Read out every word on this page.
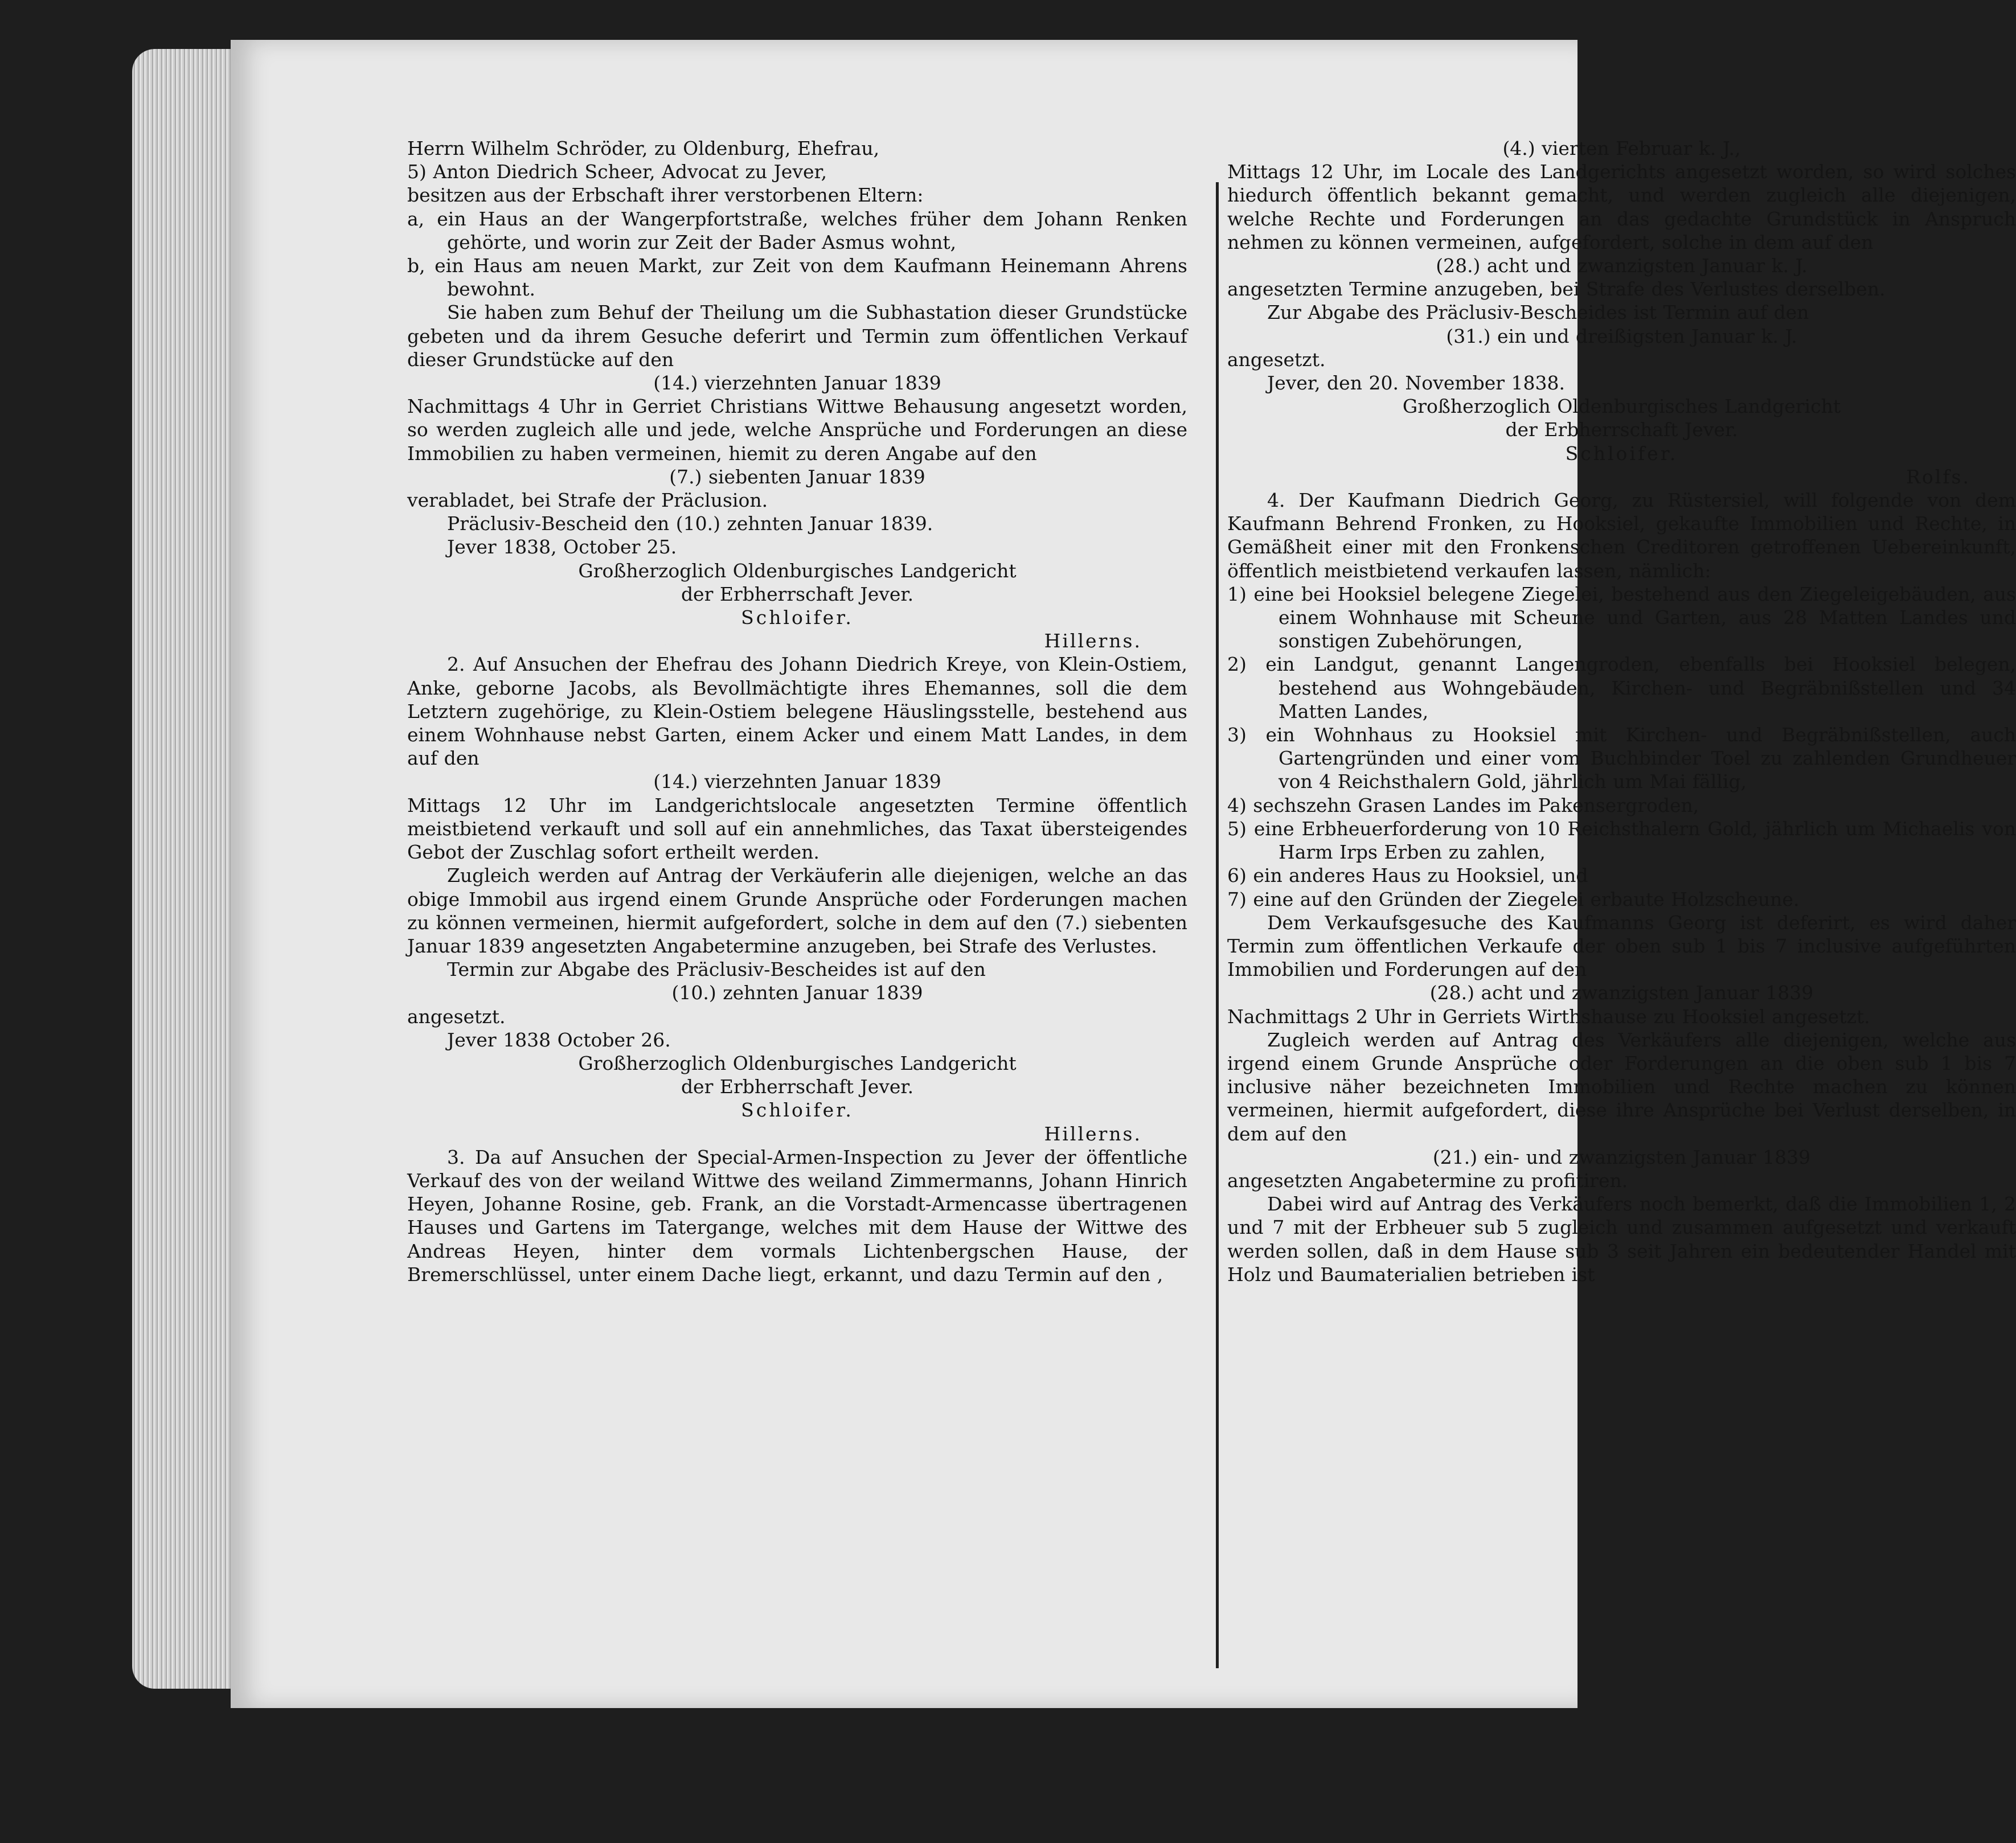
Herrn Wilhelm Schröder, zu Oldenburg, Ehefrau,

5) Anton Diedrich Scheer, Advocat zu Jever,

besitzen aus der Erbschaft ihrer verstorbenen Eltern:

a, ein Haus an der Wangerpfortstraße, welches früher dem Johann Renken gehörte, und worin zur Zeit der Bader Asmus wohnt,

b, ein Haus am neuen Markt, zur Zeit von dem Kaufmann Heinemann Ahrens bewohnt.

Sie haben zum Behuf der Theilung um die Subhastation dieser Grundstücke gebeten und da ihrem Gesuche deferirt und Termin zum öffentlichen Verkauf dieser Grundstücke auf den

(14.) vierzehnten Januar 1839

Nachmittags 4 Uhr in Gerriet Christians Wittwe Behausung angesetzt worden, so werden zugleich alle und jede, welche Ansprüche und Forderungen an diese Immobilien zu haben vermeinen, hiemit zu deren Angabe auf den

(7.) siebenten Januar 1839

verabladet, bei Strafe der Präclusion.

Präclusiv-Bescheid den (10.) zehnten Januar 1839.

Jever 1838, October 25.

Großherzoglich Oldenburgisches Landgericht

der Erbherrschaft Jever.

Schloifer.

Hillerns.

2. Auf Ansuchen der Ehefrau des Johann Diedrich Kreye, von Klein-Ostiem, Anke, geborne Jacobs, als Bevollmächtigte ihres Ehemannes, soll die dem Letztern zugehörige, zu Klein-Ostiem belegene Häuslingsstelle, bestehend aus einem Wohnhause nebst Garten, einem Acker und einem Matt Landes, in dem auf den

(14.) vierzehnten Januar 1839

Mittags 12 Uhr im Landgerichtslocale angesetzten Termine öffentlich meistbietend verkauft und soll auf ein annehmliches, das Taxat übersteigendes Gebot der Zuschlag sofort ertheilt werden.

Zugleich werden auf Antrag der Verkäuferin alle diejenigen, welche an das obige Immobil aus irgend einem Grunde Ansprüche oder Forderungen machen zu können vermeinen, hiermit aufgefordert, solche in dem auf den (7.) siebenten Januar 1839 angesetzten Angabetermine anzugeben, bei Strafe des Verlustes.

Termin zur Abgabe des Präclusiv-Bescheides ist auf den

(10.) zehnten Januar 1839

angesetzt.

Jever 1838 October 26.

Großherzoglich Oldenburgisches Landgericht

der Erbherrschaft Jever.

Schloifer.

Hillerns.

3. Da auf Ansuchen der Special-Armen-Inspection zu Jever der öffentliche Verkauf des von der weiland Wittwe des weiland Zimmermanns, Johann Hinrich Heyen, Johanne Rosine, geb. Frank, an die Vorstadt-Armencasse übertragenen Hauses und Gartens im Tatergange, welches mit dem Hause der Wittwe des Andreas Heyen, hinter dem vormals Lichtenbergschen Hause, der Bremerschlüssel, unter einem Dache liegt, erkannt, und dazu Termin auf den ,

(4.) vierten Februar k. J.,

Mittags 12 Uhr, im Locale des Landgerichts angesetzt worden, so wird solches hiedurch öffentlich bekannt gemacht, und werden zugleich alle diejenigen, welche Rechte und Forderungen an das gedachte Grundstück in Anspruch nehmen zu können vermeinen, aufgefordert, solche in dem auf den

(28.) acht und zwanzigsten Januar k. J.

angesetzten Termine anzugeben, bei Strafe des Verlustes derselben.

Zur Abgabe des Präclusiv-Bescheides ist Termin auf den

(31.) ein und dreißigsten Januar k. J.

angesetzt.

Jever, den 20. November 1838.

Großherzoglich Oldenburgisches Landgericht

der Erbherrschaft Jever.

Schloifer.

Rolfs.

4. Der Kaufmann Diedrich Georg, zu Rüstersiel, will folgende von dem Kaufmann Behrend Fronken, zu Hooksiel, gekaufte Immobilien und Rechte, in Gemäßheit einer mit den Fronkenschen Creditoren getroffenen Uebereinkunft, öffentlich meistbietend verkaufen lassen, nämlich:

1) eine bei Hooksiel belegene Ziegelei, bestehend aus den Ziegeleigebäuden, aus einem Wohnhause mit Scheune und Garten, aus 28 Matten Landes und sonstigen Zubehörungen,

2) ein Landgut, genannt Langengroden, ebenfalls bei Hooksiel belegen, bestehend aus Wohngebäuden, Kirchen- und Begräbnißstellen und 34 Matten Landes,

3) ein Wohnhaus zu Hooksiel mit Kirchen- und Begräbnißstellen, auch Gartengründen und einer vom Buchbinder Toel zu zahlenden Grundheuer von 4 Reichsthalern Gold, jährlich um Mai fällig,

4) sechszehn Grasen Landes im Pakensergroden,

5) eine Erbheuerforderung von 10 Reichsthalern Gold, jährlich um Michaelis von Harm Irps Erben zu zahlen,

6) ein anderes Haus zu Hooksiel, und

7) eine auf den Gründen der Ziegelei erbaute Holzscheune.

Dem Verkaufsgesuche des Kaufmanns Georg ist deferirt, es wird daher Termin zum öffentlichen Verkaufe der oben sub 1 bis 7 inclusive aufgeführten Immobilien und Forderungen auf den

(28.) acht und zwanzigsten Januar 1839

Nachmittags 2 Uhr in Gerriets Wirthshause zu Hooksiel angesetzt.

Zugleich werden auf Antrag des Verkäufers alle diejenigen, welche aus irgend einem Grunde Ansprüche oder Forderungen an die oben sub 1 bis 7 inclusive näher bezeichneten Immobilien und Rechte machen zu können vermeinen, hiermit aufgefordert, diese ihre Ansprüche bei Verlust derselben, in dem auf den

(21.) ein- und zwanzigsten Januar 1839

angesetzten Angabetermine zu profitiren.

Dabei wird auf Antrag des Verkäufers noch bemerkt, daß die Immobilien 1, 2 und 7 mit der Erbheuer sub 5 zugleich und zusammen aufgesetzt und verkauft werden sollen, daß in dem Hause sub 3 seit Jahren ein bedeutender Handel mit Holz und Baumaterialien betrieben ist
